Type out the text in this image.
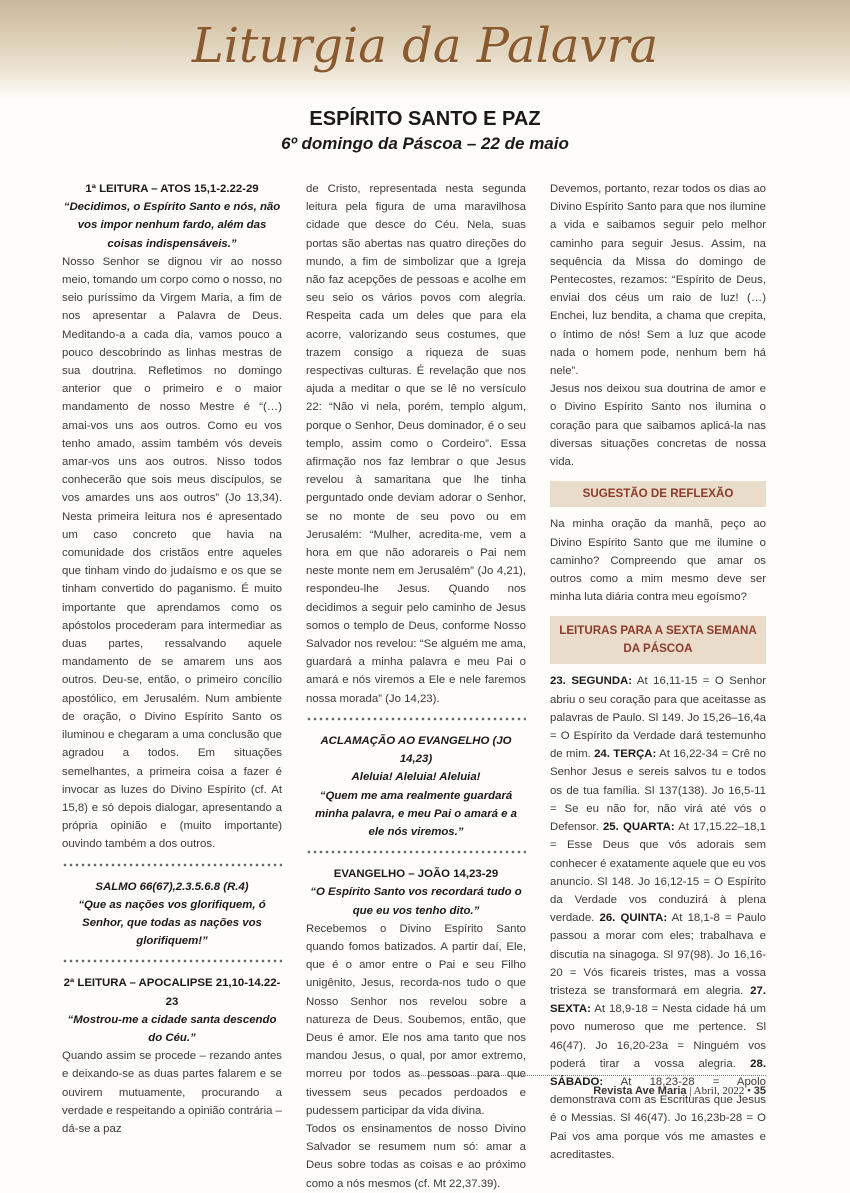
Liturgia da Palavra
ESPÍRITO SANTO E PAZ
6º domingo da Páscoa – 22 de maio
1ª LEITURA – ATOS 15,1-2.22-29
“Decidimos, o Espírito Santo e nós, não vos impor nenhum fardo, além das coisas indispensáveis.”

Nosso Senhor se dignou vir ao nosso meio, tomando um corpo como o nosso, no seio puríssimo da Virgem Maria, a fim de nos apresentar a Palavra de Deus. Meditando-a a cada dia, vamos pouco a pouco descobrindo as linhas mestras de sua doutrina. Refletimos no domingo anterior que o primeiro e o maior mandamento de nosso Mestre é “(…) amai-vos uns aos outros. Como eu vos tenho amado, assim também vós deveis amar-vos uns aos outros. Nisso todos conhecerão que sois meus discípulos, se vos amardes uns aos outros” (Jo 13,34). Nesta primeira leitura nos é apresentado um caso concreto que havia na comunidade dos cristãos entre aqueles que tinham vindo do judaísmo e os que se tinham convertido do paganismo. É muito importante que aprendamos como os apóstolos procederam para intermediar as duas partes, ressalvando aquele mandamento de se amarem uns aos outros. Deu-se, então, o primeiro concílio apostólico, em Jerusalém. Num ambiente de oração, o Divino Espírito Santo os iluminou e chegaram a uma conclusão que agradou a todos. Em situações semelhantes, a primeira coisa a fazer é invocar as luzes do Divino Espírito (cf. At 15,8) e só depois dialogar, apresentando a própria opinião e (muito importante) ouvindo também a dos outros.

SALMO 66(67),2.3.5.6.8 (R.4)
“Que as nações vos glorifiquem, ó Senhor, que todas as nações vos glorifiquem!”
2ª LEITURA – APOCALIPSE 21,10-14.22-23
“Mostrou-me a cidade santa descendo do Céu.”

Quando assim se procede – rezando antes e deixando-se as duas partes falarem e se ouvirem mutuamente, procurando a verdade e respeitando a opinião contrária – dá-se a paz

de Cristo, representada nesta segunda leitura pela figura de uma maravilhosa cidade que desce do Céu. Nela, suas portas são abertas nas quatro direções do mundo, a fim de simbolizar que a Igreja não faz acepções de pessoas e acolhe em seu seio os vários povos com alegria. Respeita cada um deles que para ela acorre, valorizando seus costumes, que trazem consigo a riqueza de suas respectivas culturas. É revelação que nos ajuda a meditar o que se lê no versículo 22: “Não vi nela, porém, templo algum, porque o Senhor, Deus dominador, é o seu templo, assim como o Cordeiro”. Essa afirmação nos faz lembrar o que Jesus revelou à samaritana que lhe tinha perguntado onde deviam adorar o Senhor, se no monte de seu povo ou em Jerusalém: “Mulher, acredita-me, vem a hora em que não adorareis o Pai nem neste monte nem em Jerusalém” (Jo 4,21), respondeu-lhe Jesus. Quando nos decidimos a seguir pelo caminho de Jesus somos o templo de Deus, conforme Nosso Salvador nos revelou: “Se alguém me ama, guardará a minha palavra e meu Pai o amará e nós viremos a Ele e nele faremos nossa morada” (Jo 14,23).

ACLAMAÇÃO AO EVANGELHO (JO 14,23)
Aleluia! Aleluia! Aleluia!
“Quem me ama realmente guardará minha palavra, e meu Pai o amará e a ele nós viremos.”
EVANGELHO – JOÃO 14,23-29
“O Espírito Santo vos recordará tudo o que eu vos tenho dito.”

Recebemos o Divino Espírito Santo quando fomos batizados. A partir daí, Ele, que é o amor entre o Pai e seu Filho unigênito, Jesus, recorda-nos tudo o que Nosso Senhor nos revelou sobre a natureza de Deus. Soubemos, então, que Deus é amor. Ele nos ama tanto que nos mandou Jesus, o qual, por amor extremo, morreu por todos as pessoas para que tivessem seus pecados perdoados e pudessem participar da vida divina.

Todos os ensinamentos de nosso Divino Salvador se resumem num só: amar a Deus sobre todas as coisas e ao próximo como a nós mesmos (cf. Mt 22,37.39).

Devemos, portanto, rezar todos os dias ao Divino Espírito Santo para que nos ilumine a vida e saibamos seguir pelo melhor caminho para seguir Jesus. Assim, na sequência da Missa do domingo de Pentecostes, rezamos: “Espírito de Deus, enviai dos céus um raio de luz! (…) Enchei, luz bendita, a chama que crepita, o íntimo de nós! Sem a luz que acode nada o homem pode, nenhum bem há nele”.

Jesus nos deixou sua doutrina de amor e o Divino Espírito Santo nos ilumina o coração para que saibamos aplicá-la nas diversas situações concretas de nossa vida.

SUGESTÃO DE REFLEXÃO

Na minha oração da manhã, peço ao Divino Espírito Santo que me ilumine o caminho? Compreendo que amar os outros como a mim mesmo deve ser minha luta diária contra meu egoísmo?

LEITURAS PARA A SEXTA SEMANA DA PÁSCOA

23. SEGUNDA: At 16,11-15 = O Senhor abriu o seu coração para que aceitasse as palavras de Paulo. Sl 149. Jo 15,26–16,4a = O Espírito da Verdade dará testemunho de mim. 24. TERÇA: At 16,22-34 = Crê no Senhor Jesus e sereis salvos tu e todos os de tua família. Sl 137(138). Jo 16,5-11 = Se eu não for, não virá até vós o Defensor. 25. QUARTA: At 17,15.22–18,1 = Esse Deus que vós adorais sem conhecer é exatamente aquele que eu vos anuncio. Sl 148. Jo 16,12-15 = O Espírito da Verdade vos conduzirá à plena verdade. 26. QUINTA: At 18,1-8 = Paulo passou a morar com eles; trabalhava e discutia na sinagoga. Sl 97(98). Jo 16,16-20 = Vós ficareis tristes, mas a vossa tristeza se transformará em alegria. 27. SEXTA: At 18,9-18 = Nesta cidade há um povo numeroso que me pertence. Sl 46(47). Jo 16,20-23a = Ninguém vos poderá tirar a vossa alegria. 28. SÁBADO: At 18,23-28 = Apolo demonstrava com as Escrituras que Jesus é o Messias. Sl 46(47). Jo 16,23b-28 = O Pai vos ama porque vós me amastes e acreditastes.

Revista Ave Maria | Abril, 2022 • 35
